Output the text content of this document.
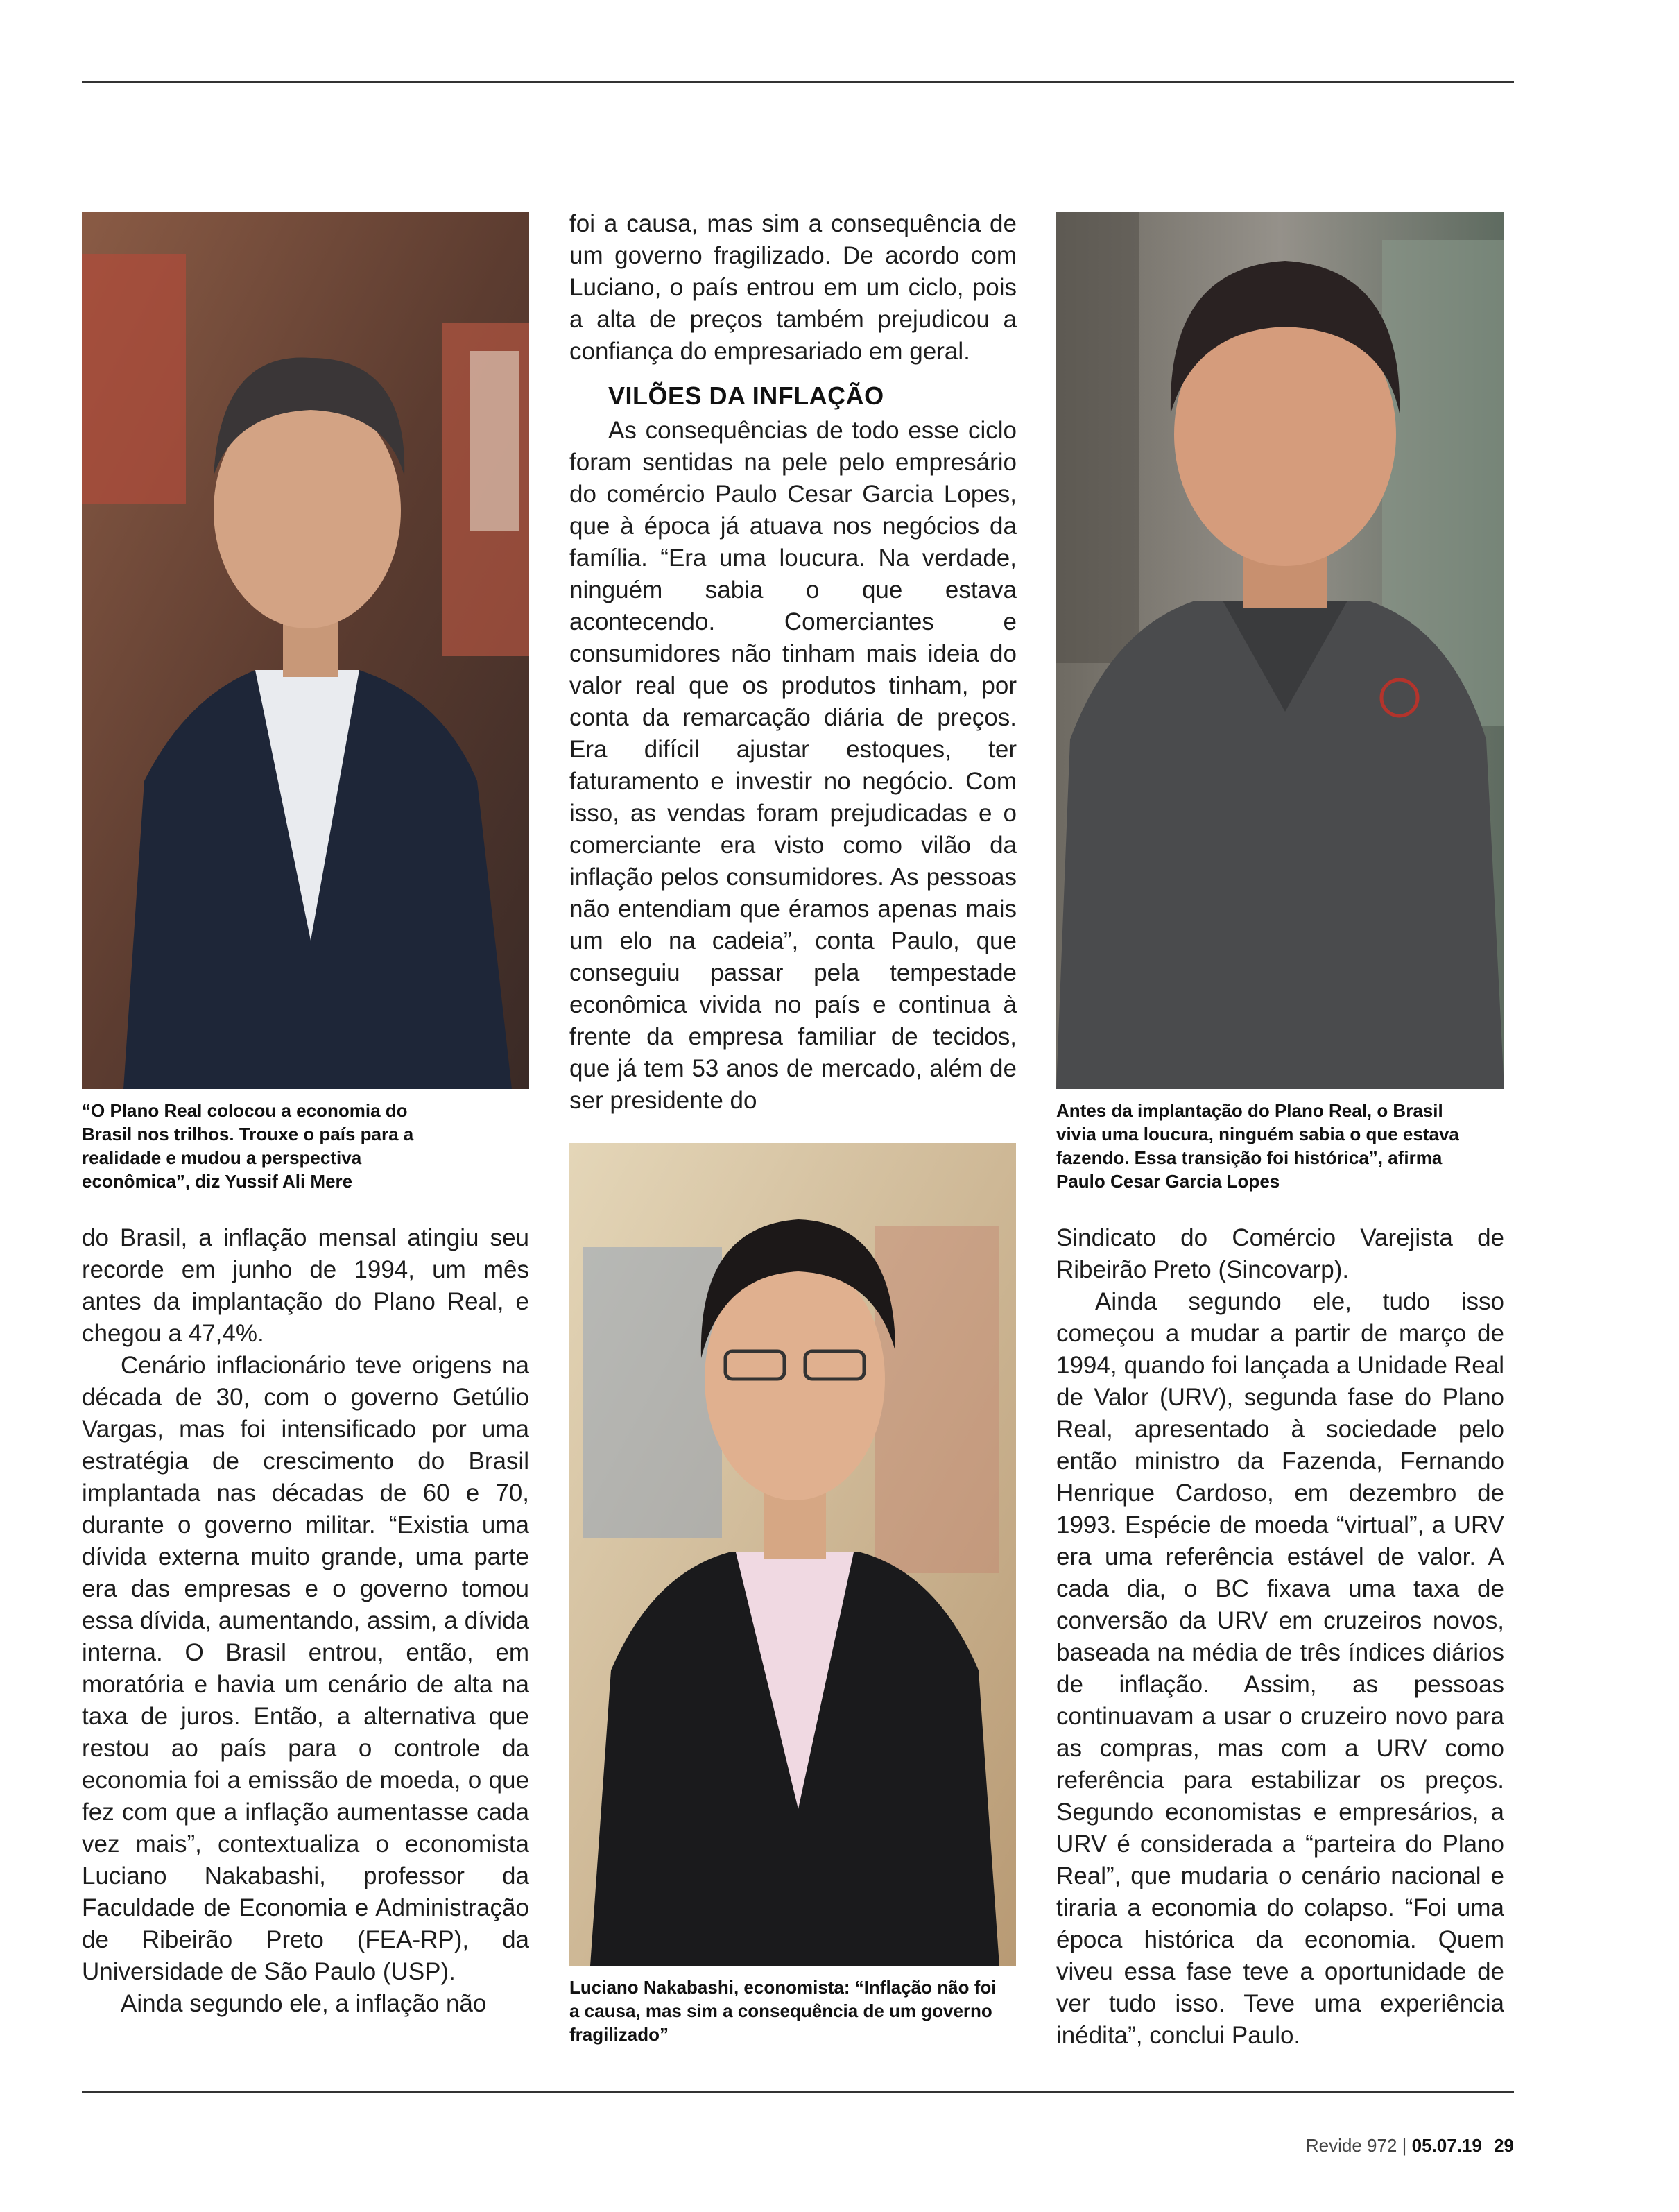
“O Plano Real colocou a economia do Brasil nos trilhos. Trouxe o país para a realidade e mudou a perspectiva econômica”, diz Yussif Ali Mere

Antes da implantação do Plano Real, o Brasil vivia uma loucura, ninguém sabia o que estava fazendo. Essa transição foi histórica”, afirma Paulo Cesar Garcia Lopes

Luciano Nakabashi, economista: “Inflação não foi a causa, mas sim a consequência de um governo fragilizado”

foi a causa, mas sim a consequência de um governo fragilizado. De acordo com Luciano, o país entrou em um ciclo, pois a alta de preços também prejudicou a confiança do empresariado em geral.

VILÕES DA INFLAÇÃO

As consequências de todo esse ciclo foram sentidas na pele pelo empresário do comércio Paulo Cesar Garcia Lopes, que à época já atuava nos negócios da família. “Era uma loucura. Na verdade, ninguém sabia o que estava acontecendo. Comerciantes e consumidores não tinham mais ideia do valor real que os produtos tinham, por conta da remarcação diária de preços. Era difícil ajustar estoques, ter faturamento e investir no negócio. Com isso, as vendas foram prejudicadas e o comerciante era visto como vilão da inflação pelos consumidores. As pessoas não entendiam que éramos apenas mais um elo na cadeia”, conta Paulo, que conseguiu passar pela tempestade econômica vivida no país e continua à frente da empresa familiar de tecidos, que já tem 53 anos de mercado, além de ser presidente do

do Brasil, a inflação mensal atingiu seu recorde em junho de 1994, um mês antes da implantação do Plano Real, e chegou a 47,4%.

Cenário inflacionário teve origens na década de 30, com o governo Getúlio Vargas, mas foi intensificado por uma estratégia de crescimento do Brasil implantada nas décadas de 60 e 70, durante o governo militar. “Existia uma dívida externa muito grande, uma parte era das empresas e o governo tomou essa dívida, aumentando, assim, a dívida interna. O Brasil entrou, então, em moratória e havia um cenário de alta na taxa de juros. Então, a alternativa que restou ao país para o controle da economia foi a emissão de moeda, o que fez com que a inflação aumentasse cada vez mais”, contextualiza o economista Luciano Nakabashi, professor da Faculdade de Economia e Administração de Ribeirão Preto (FEA-RP), da Universidade de São Paulo (USP).

Ainda segundo ele, a inflação não

Sindicato do Comércio Varejista de Ribeirão Preto (Sincovarp).

Ainda segundo ele, tudo isso começou a mudar a partir de março de 1994, quando foi lançada a Unidade Real de Valor (URV), segunda fase do Plano Real, apresentado à sociedade pelo então ministro da Fazenda, Fernando Henrique Cardoso, em dezembro de 1993. Espécie de moeda “virtual”, a URV era uma referência estável de valor. A cada dia, o BC fixava uma taxa de conversão da URV em cruzeiros novos, baseada na média de três índices diários de inflação. Assim, as pessoas continuavam a usar o cruzeiro novo para as compras, mas com a URV como referência para estabilizar os preços. Segundo economistas e empresários, a URV é considerada a “parteira do Plano Real”, que mudaria o cenário nacional e tiraria a economia do colapso. “Foi uma época histórica da economia. Quem viveu essa fase teve a oportunidade de ver tudo isso. Teve uma experiência inédita”, conclui Paulo.

Revide 972 | 05.07.19 29
